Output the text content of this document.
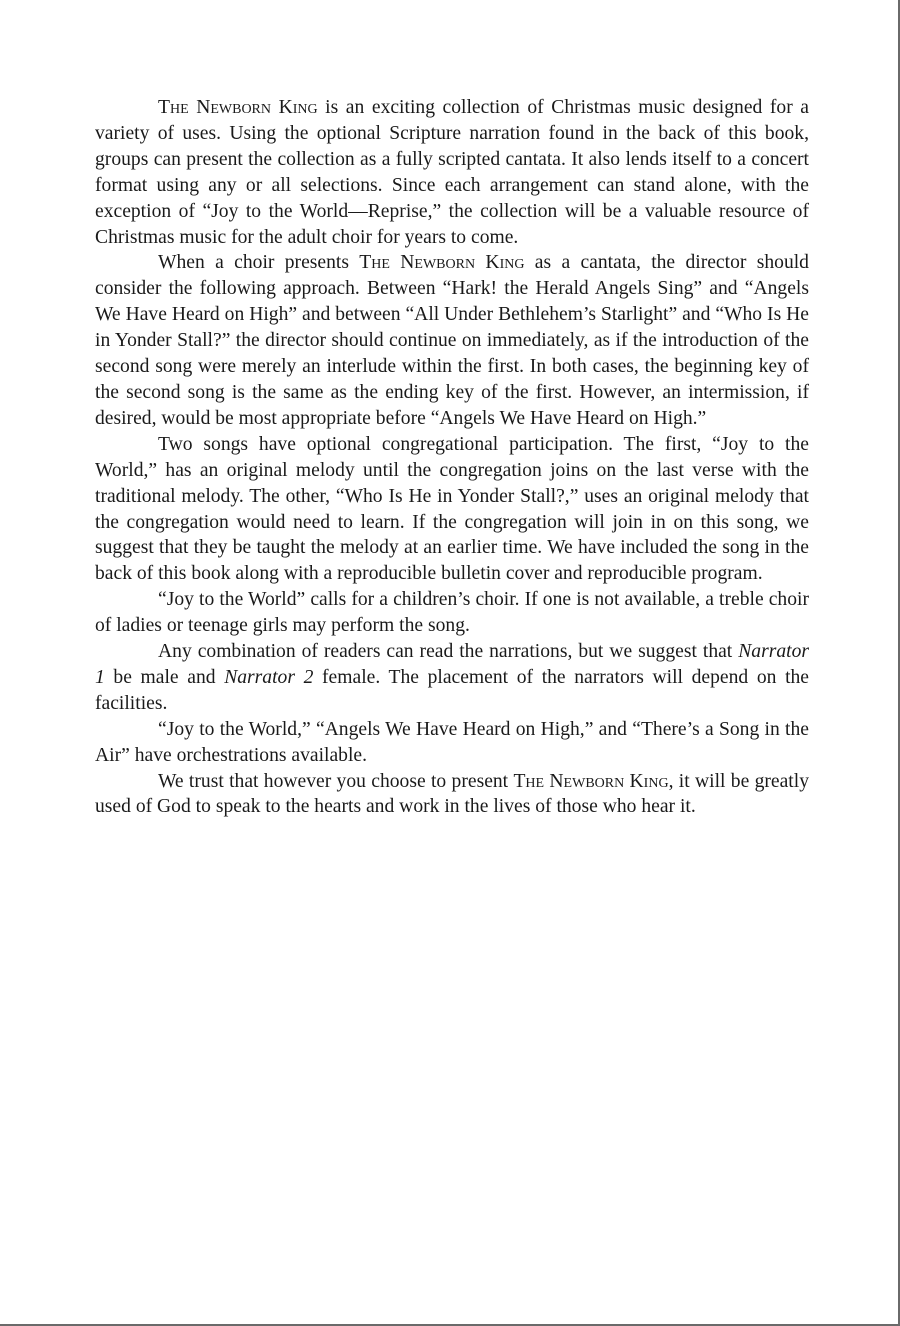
The Newborn King is an exciting collection of Christmas music designed for a variety of uses. Using the optional Scripture narration found in the back of this book, groups can present the collection as a fully scripted cantata. It also lends itself to a concert format using any or all selections. Since each arrangement can stand alone, with the exception of “Joy to the World—Reprise,” the collection will be a valuable resource of Christmas music for the adult choir for years to come.

When a choir presents The Newborn King as a cantata, the director should consider the following approach. Between “Hark! the Herald Angels Sing” and “Angels We Have Heard on High” and between “All Under Bethlehem’s Starlight” and “Who Is He in Yonder Stall?” the director should continue on immediately, as if the introduction of the second song were merely an interlude within the first. In both cases, the beginning key of the second song is the same as the ending key of the first. However, an intermission, if desired, would be most appropriate before “Angels We Have Heard on High.”

Two songs have optional congregational participation. The first, “Joy to the World,” has an original melody until the congregation joins on the last verse with the traditional melody. The other, “Who Is He in Yonder Stall?,” uses an original melody that the congregation would need to learn. If the congregation will join in on this song, we suggest that they be taught the melody at an earlier time. We have included the song in the back of this book along with a reproducible bulletin cover and reproducible program.

“Joy to the World” calls for a children’s choir. If one is not available, a treble choir of ladies or teenage girls may perform the song.

Any combination of readers can read the narrations, but we suggest that Narrator 1 be male and Narrator 2 female. The placement of the narrators will depend on the facilities.

“Joy to the World,” “Angels We Have Heard on High,” and “There’s a Song in the Air” have orchestrations available.

We trust that however you choose to present The Newborn King, it will be greatly used of God to speak to the hearts and work in the lives of those who hear it.
